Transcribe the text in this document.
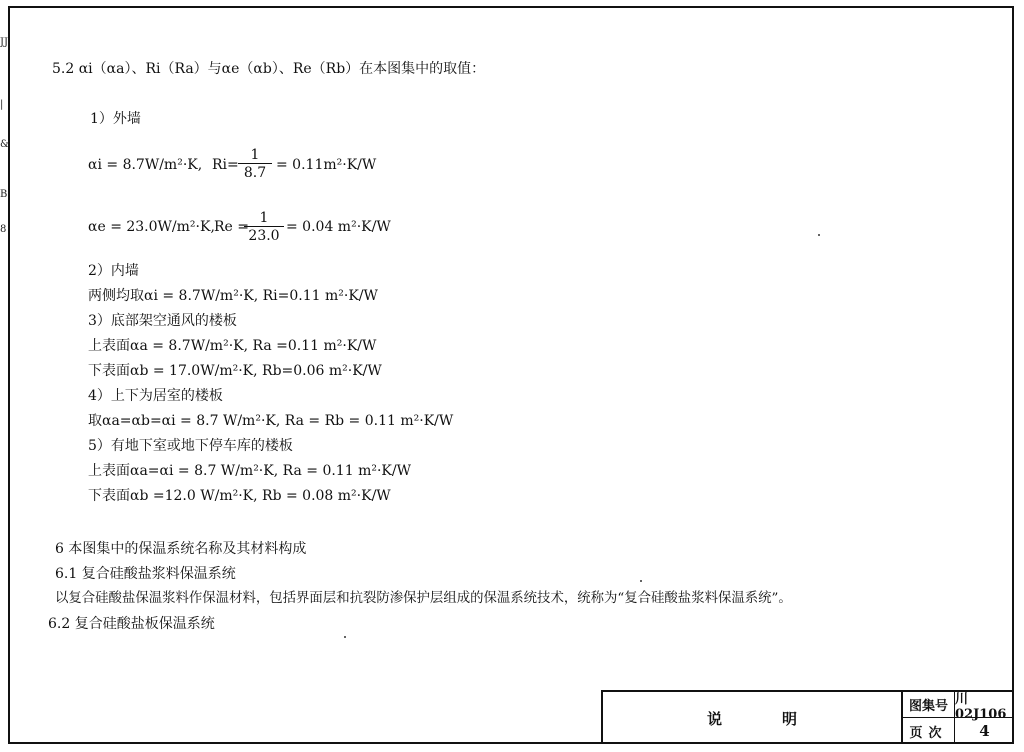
JJ
|
&
B
8
5.2 αi（αa）、Ri（Ra）与αe（αb）、Re（Rb）在本图集中的取值：
1）外墙
αi = 8.7W/m²·K, $Ri= \frac{1}{8.7} = 0.11m^2\cdot K/W$
αe = 23.0W/m²·K, Re =
$\frac{1}{23.0} = 0.04$ m²·K/W
2）内墙
两侧均取αi = 8.7W/m²·K, Ri=0.11 m²·K/W
3）底部架空通风的楼板
上表面αa = 8.7W/m²·K, Ra =0.11 m²·K/W
下表面αb = 17.0W/m²·K, Rb=0.06 m²·K/W
4）上下为居室的楼板
取αa=αb=αi = 8.7 W/m²·K, Ra = Rb = 0.11 m²·K/W
5）有地下室或地下停车库的楼板
上表面αa=αi = 8.7 W/m²·K, Ra = 0.11 m²·K/W
下表面αb =12.0 W/m²·K, Rb = 0.08 m²·K/W
6 本图集中的保温系统名称及其材料构成
6.1 复合硅酸盐浆料保温系统
以复合硅酸盐保温浆料作保温材料，包括界面层和抗裂防渗保护层组成的保温系统技术，统称为“复合硅酸盐浆料保温系统”。
6.2 复合硅酸盐板保温系统
说明
图集号 川02J106
页次	4
